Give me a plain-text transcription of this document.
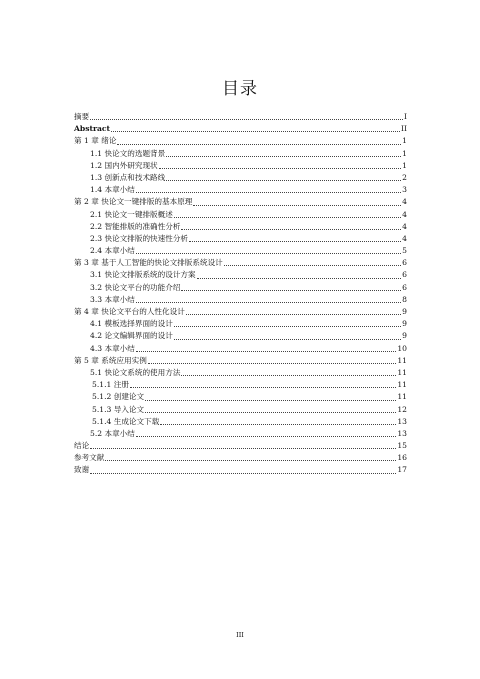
目录
摘要	I
Abstract	II
第 1 章 绪论	1
1.1 快论文的选题背景	1
1.2 国内外研究现状	1
1.3 创新点和技术路线	2
1.4 本章小结	3
第 2 章 快论文一键排版的基本原理	4
2.1 快论文一键排版概述	4
2.2 智能排版的准确性分析	4
2.3 快论文排版的快速性分析	4
2.4 本章小结	5
第 3 章 基于人工智能的快论文排版系统设计	6
3.1 快论文排版系统的设计方案	6
3.2 快论文平台的功能介绍	6
3.3 本章小结	8
第 4 章 快论文平台的人性化设计	9
4.1 模板选择界面的设计	9
4.2 论文编辑界面的设计	9
4.3 本章小结	10
第 5 章 系统应用实例	11
5.1 快论文系统的使用方法	11
5.1.1 注册	11
5.1.2 创建论文	11
5.1.3 导入论文	12
5.1.4 生成论文下载	13
5.2 本章小结	13
结论	15
参考文献	16
致谢	17
III
